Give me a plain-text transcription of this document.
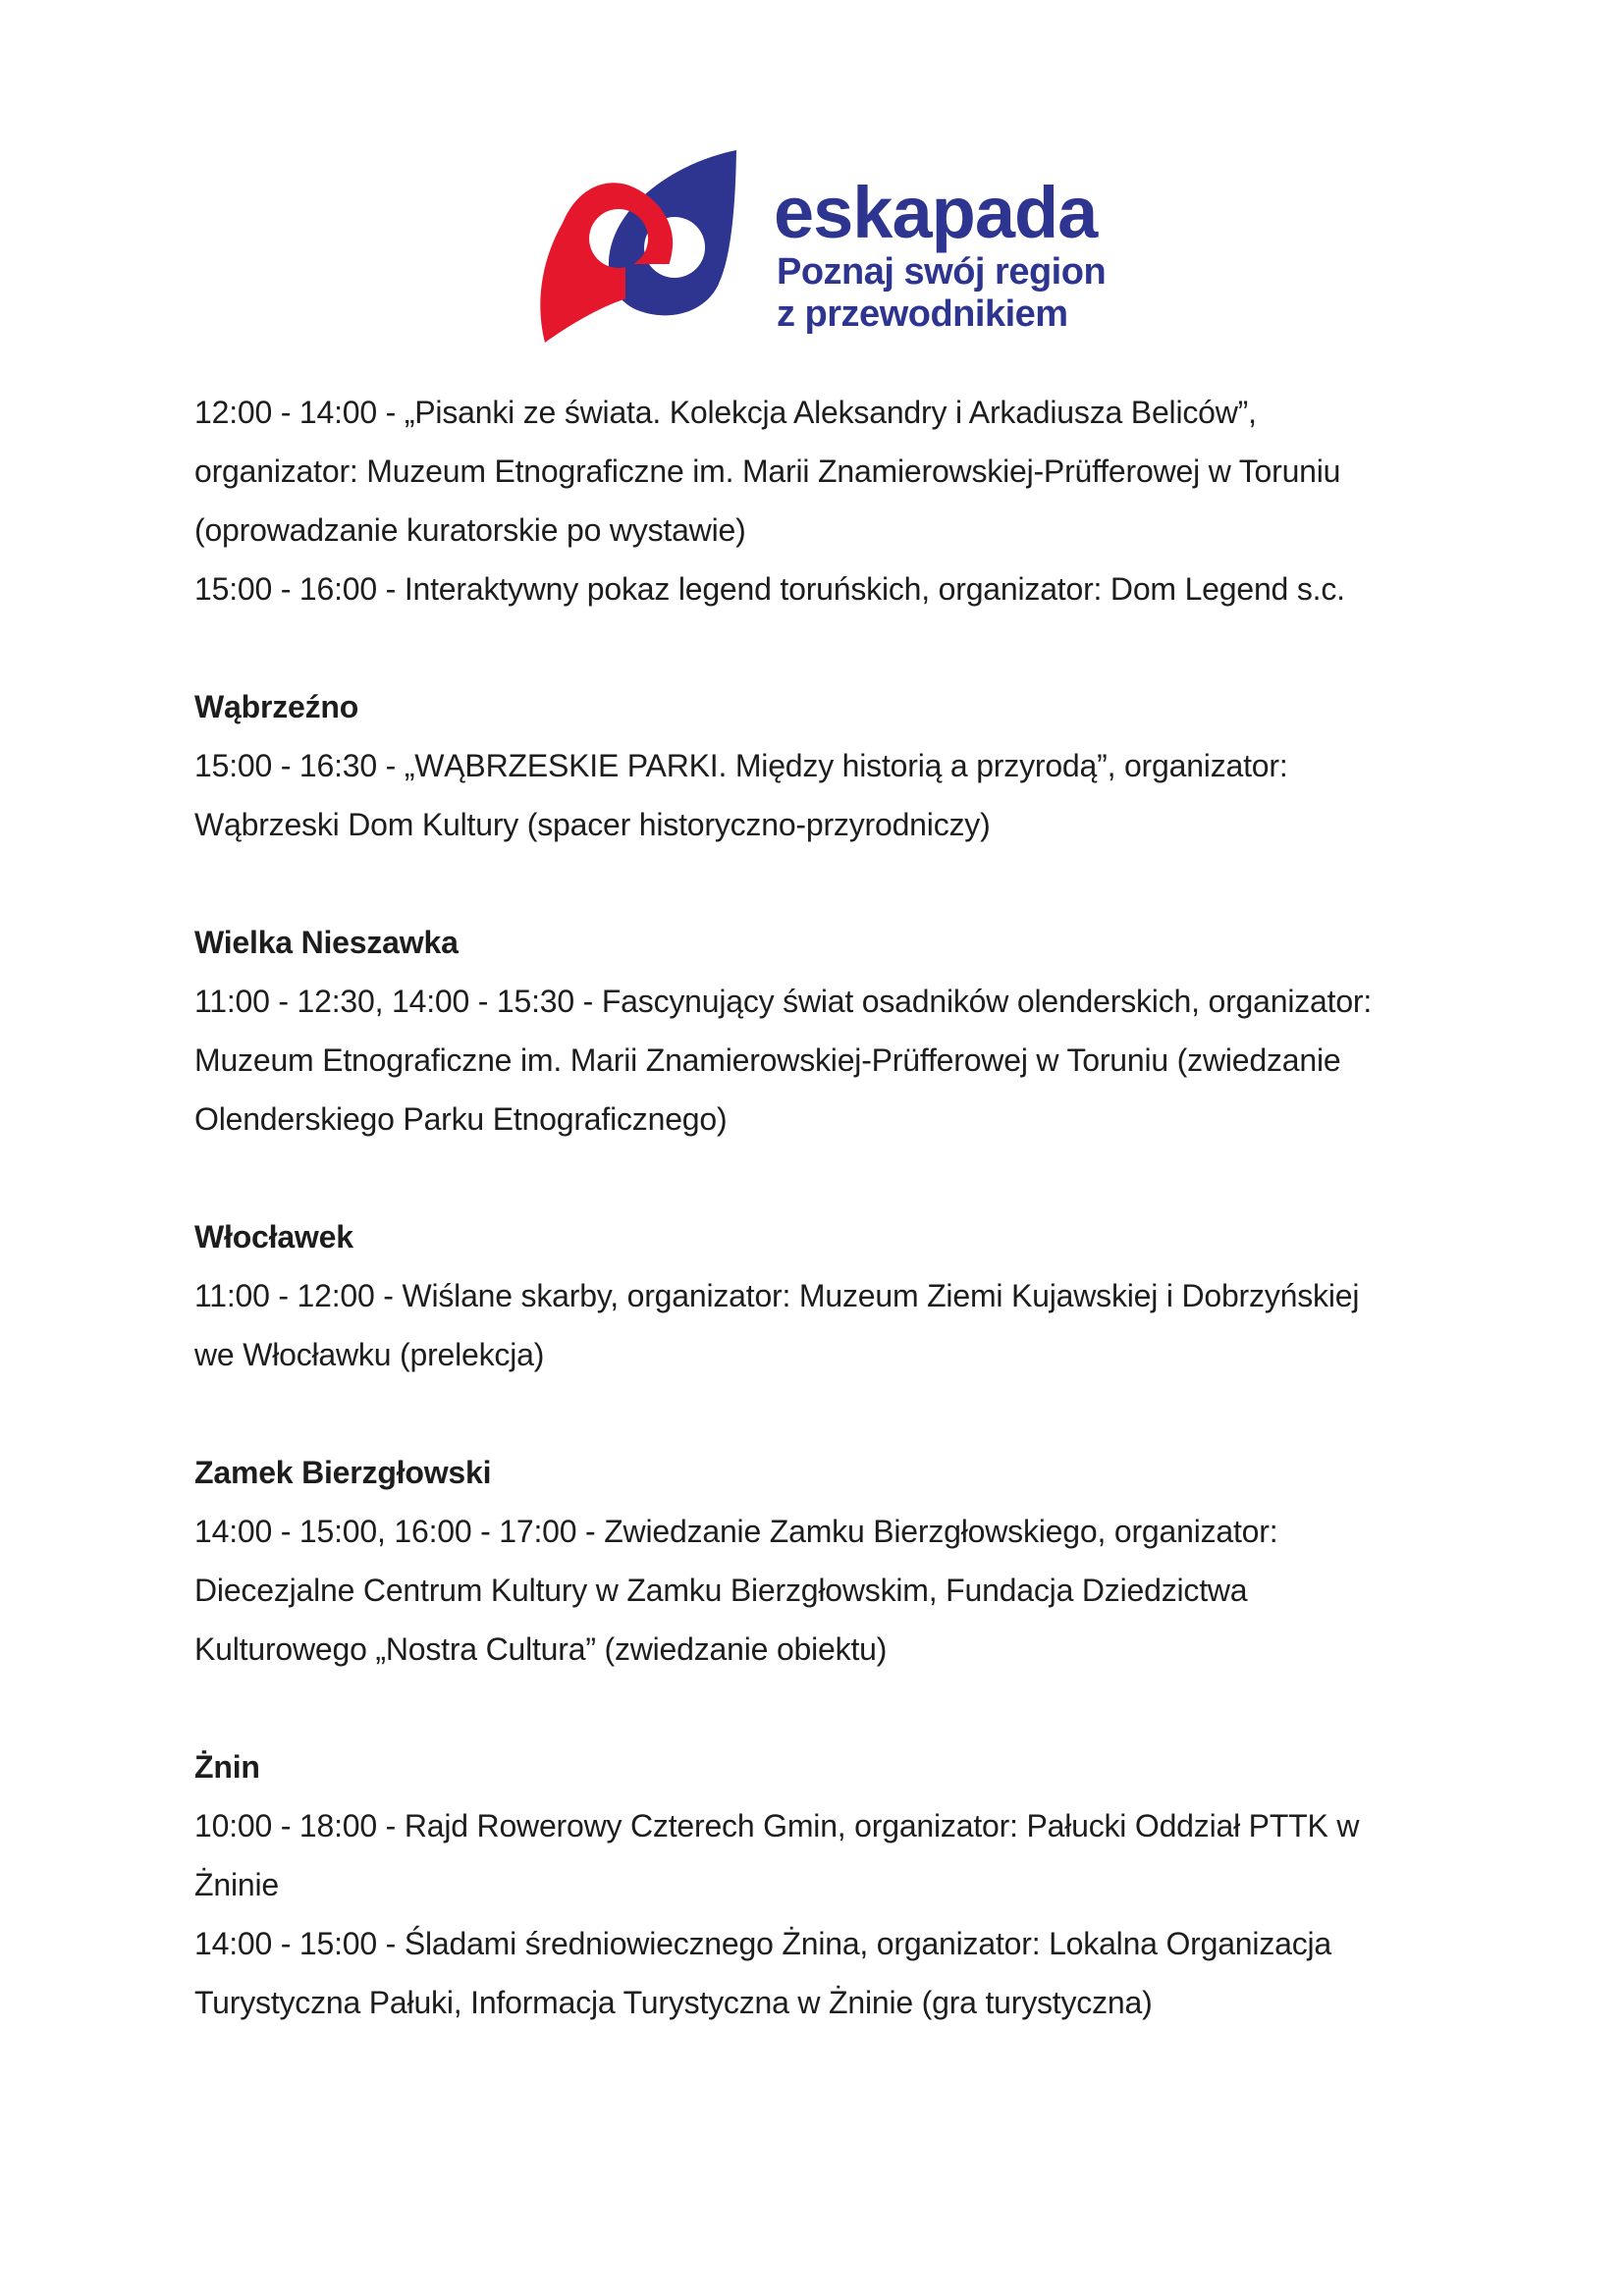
eskapada
Poznaj swój region
z przewodnikiem
12:00 - 14:00 - „Pisanki ze świata. Kolekcja Aleksandry i Arkadiusza Beliców”,
organizator: Muzeum Etnograficzne im. Marii Znamierowskiej-Prüfferowej w Toruniu
(oprowadzanie kuratorskie po wystawie)
15:00 - 16:00 - Interaktywny pokaz legend toruńskich, organizator: Dom Legend s.c.
Wąbrzeźno
15:00 - 16:30 - „WĄBRZESKIE PARKI. Między historią a przyrodą”, organizator:
Wąbrzeski Dom Kultury (spacer historyczno-przyrodniczy)
Wielka Nieszawka
11:00 - 12:30, 14:00 - 15:30 - Fascynujący świat osadników olenderskich, organizator:
Muzeum Etnograficzne im. Marii Znamierowskiej-Prüfferowej w Toruniu (zwiedzanie
Olenderskiego Parku Etnograficznego)
Włocławek
11:00 - 12:00 - Wiślane skarby, organizator: Muzeum Ziemi Kujawskiej i Dobrzyńskiej
we Włocławku (prelekcja)
Zamek Bierzgłowski
14:00 - 15:00, 16:00 - 17:00 - Zwiedzanie Zamku Bierzgłowskiego, organizator:
Diecezjalne Centrum Kultury w Zamku Bierzgłowskim, Fundacja Dziedzictwa
Kulturowego „Nostra Cultura” (zwiedzanie obiektu)
Żnin
10:00 - 18:00 - Rajd Rowerowy Czterech Gmin, organizator: Pałucki Oddział PTTK w
Żninie
14:00 - 15:00 - Śladami średniowiecznego Żnina, organizator: Lokalna Organizacja
Turystyczna Pałuki, Informacja Turystyczna w Żninie (gra turystyczna)
